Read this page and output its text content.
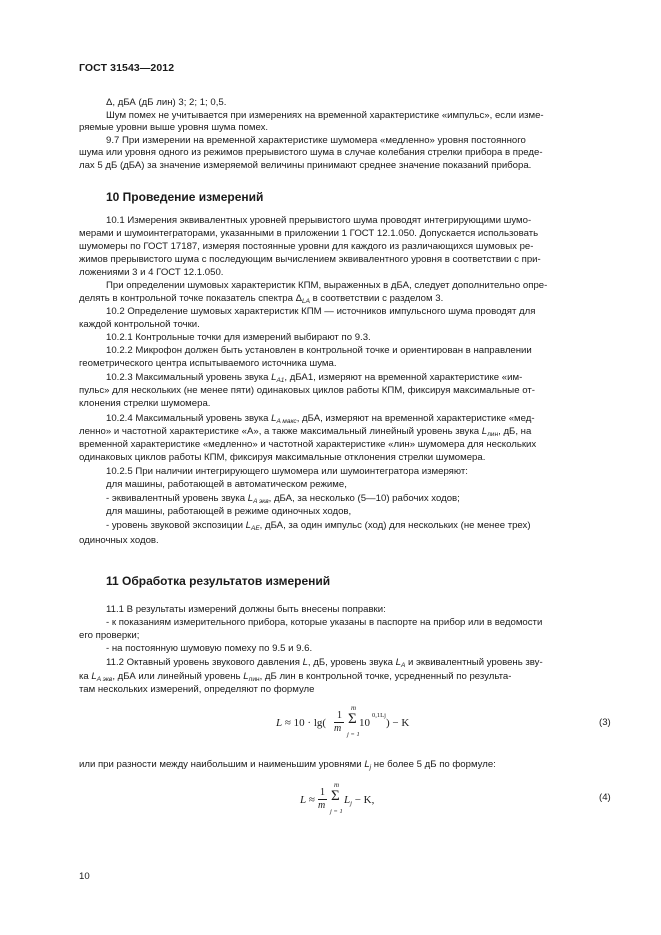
ГОСТ 31543—2012
Δ, дБА (дБ лин) 3; 2; 1; 0,5.
Шум помех не учитывается при измерениях на временной характеристике «импульс», если изме-
ряемые уровни выше уровня шума помех.
9.7 При измерении на временной характеристике шумомера «медленно» уровня постоянного
шума или уровня одного из режимов прерывистого шума в случае колебания стрелки прибора в преде-
лах 5 дБ (дБА) за значение измеряемой величины принимают среднее значение показаний прибора.
10 Проведение измерений
10.1 Измерения эквивалентных уровней прерывистого шума проводят интегрирующими шумо-
мерами и шумоинтеграторами, указанными в приложении 1 ГОСТ 12.1.050. Допускается использовать
шумомеры по ГОСТ 17187, измеряя постоянные уровни для каждого из различающихся шумовых ре-
жимов прерывистого шума с последующим вычислением эквивалентного уровня в соответствии с при-
ложениями 3 и 4 ГОСТ 12.1.050.
При определении шумовых характеристик КПМ, выраженных в дБА, следует дополнительно опре-
делять в контрольной точке показатель спектра $\Delta_{LA}$ в соответствии с разделом 3.
10.2 Определение шумовых характеристик КПМ — источников импульсного шума проводят для
каждой контрольной точки.
10.2.1 Контрольные точки для измерений выбирают по 9.3.
10.2.2 Микрофон должен быть установлен в контрольной точке и ориентирован в направлении
геометрического центра испытываемого источника шума.
10.2.3 Максимальный уровень звука $L_{A1}$, дБА1, измеряют на временной характеристике «им-
пульс» для нескольких (не менее пяти) одинаковых циклов работы КПМ, фиксируя максимальные от-
клонения стрелки шумомера.
10.2.4 Максимальный уровень звука $L_{A макс}$, дБА, измеряют на временной характеристике «мед-
ленно» и частотной характеристике «А», а также максимальный линейный уровень звука $L_{лин}$, дБ, на
временной характеристике «медленно» и частотной характеристике «лин» шумомера для нескольких
одинаковых циклов работы КПМ, фиксируя максимальные отклонения стрелки шумомера.
10.2.5 При наличии интегрирующего шумомера или шумоинтегратора измеряют:
для машины, работающей в автоматическом режиме,
- эквивалентный уровень звука $L_{A экв}$, дБА, за несколько (5—10) рабочих ходов;
для машины, работающей в режиме одиночных ходов,
- уровень звуковой экспозиции $L_{AE}$, дБА, за один импульс (ход) для нескольких (не менее трех)
одиночных ходов.
11 Обработка результатов измерений
11.1 В результаты измерений должны быть внесены поправки:
- к показаниям измерительного прибора, которые указаны в паспорте на прибор или в ведомости
его проверки;
- на постоянную шумовую помеху по 9.5 и 9.6.
11.2 Октавный уровень звукового давления L, дБ, уровень звука $L_A$ и эквивалентный уровень зву-
ка $L_{A экв}$, дБА или линейный уровень $L_{лин}$, дБ лин в контрольной точке, усредненный по результа-
там нескольких измерений, определяют по формуле
L ≈ 10 · lg(
1
m
m
Σ
j = 1
10
0,1Lj
) − K	(3)
или при разности между наибольшим и наименьшим уровнями $L_j$ не более 5 дБ по формуле:
L ≈
1
m
m
Σ
j = 1
$L_j - K$,	(4)
10
